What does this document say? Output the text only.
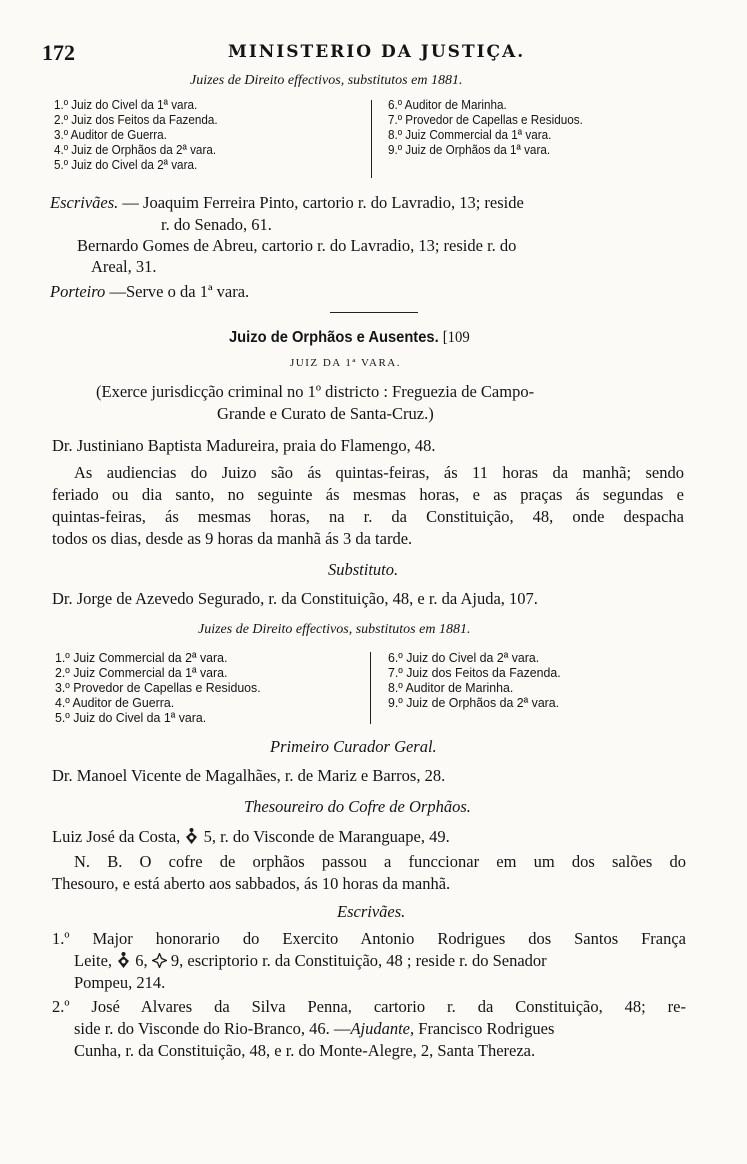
172	MINISTERIO DA JUSTIÇA.
Juizes de Direito effectivos, substitutos em 1881.
1.º Juiz do Civel da 1ª vara.
2.º Juiz dos Feitos da Fazenda.
3.º Auditor de Guerra.
4.º Juiz de Orphãos da 2ª vara.
5.º Juiz do Civel da 2ª vara.
6.º Auditor de Marinha.
7.º Provedor de Capellas e Residuos.
8.º Juiz Commercial da 1ª vara.
9.º Juiz de Orphãos da 1ª vara.
Escrivães. — Joaquim Ferreira Pinto, cartorio r. do Lavradio, 13; reside
r. do Senado, 61.
Bernardo Gomes de Abreu, cartorio r. do Lavradio, 13; reside r. do
Areal, 31.
Porteiro —Serve o da 1ª vara.
Juizo de Orphãos e Ausentes. [109
JUIZ DA 1ª VARA.
(Exerce jurisdicção criminal no 1º districto : Freguezia de Campo-
Grande e Curato de Santa-Cruz.)
Dr. Justiniano Baptista Madureira, praia do Flamengo, 48.
As audiencias do Juizo são ás quintas-feiras, ás 11 horas da manhã; sendo
feriado ou dia santo, no seguinte ás mesmas horas, e as praças ás segundas e
quintas-feiras, ás mesmas horas, na r. da Constituição, 48, onde despacha
todos os dias, desde as 9 horas da manhã ás 3 da tarde.
Substituto.
Dr. Jorge de Azevedo Segurado, r. da Constituição, 48, e r. da Ajuda, 107.
Juizes de Direito effectivos, substitutos em 1881.
1.º Juiz Commercial da 2ª vara.
2.º Juiz Commercial da 1ª vara.
3.º Provedor de Capellas e Residuos.
4.º Auditor de Guerra.
5.º Juiz do Civel da 1ª vara.
6.º Juiz do Civel da 2ª vara.
7.º Juiz dos Feitos da Fazenda.
8.º Auditor de Marinha.
9.º Juiz de Orphãos da 2ª vara.
Primeiro Curador Geral.
Dr. Manoel Vicente de Magalhães, r. de Mariz e Barros, 28.
Thesoureiro do Cofre de Orphãos.
Luiz José da Costa, 5, r. do Visconde de Maranguape, 49.
N. B. O cofre de orphãos passou a funccionar em um dos salões do
Thesouro, e está aberto aos sabbados, ás 10 horas da manhã.
Escrivães.
1.º Major honorario do Exercito Antonio Rodrigues dos Santos França
Leite, 6, 9, escriptorio r. da Constituição, 48 ; reside r. do Senador
Pompeu, 214.
2.º José Alvares da Silva Penna, cartorio r. da Constituição, 48; re-
side r. do Visconde do Rio-Branco, 46. —Ajudante, Francisco Rodrigues
Cunha, r. da Constituição, 48, e r. do Monte-Alegre, 2, Santa Thereza.
